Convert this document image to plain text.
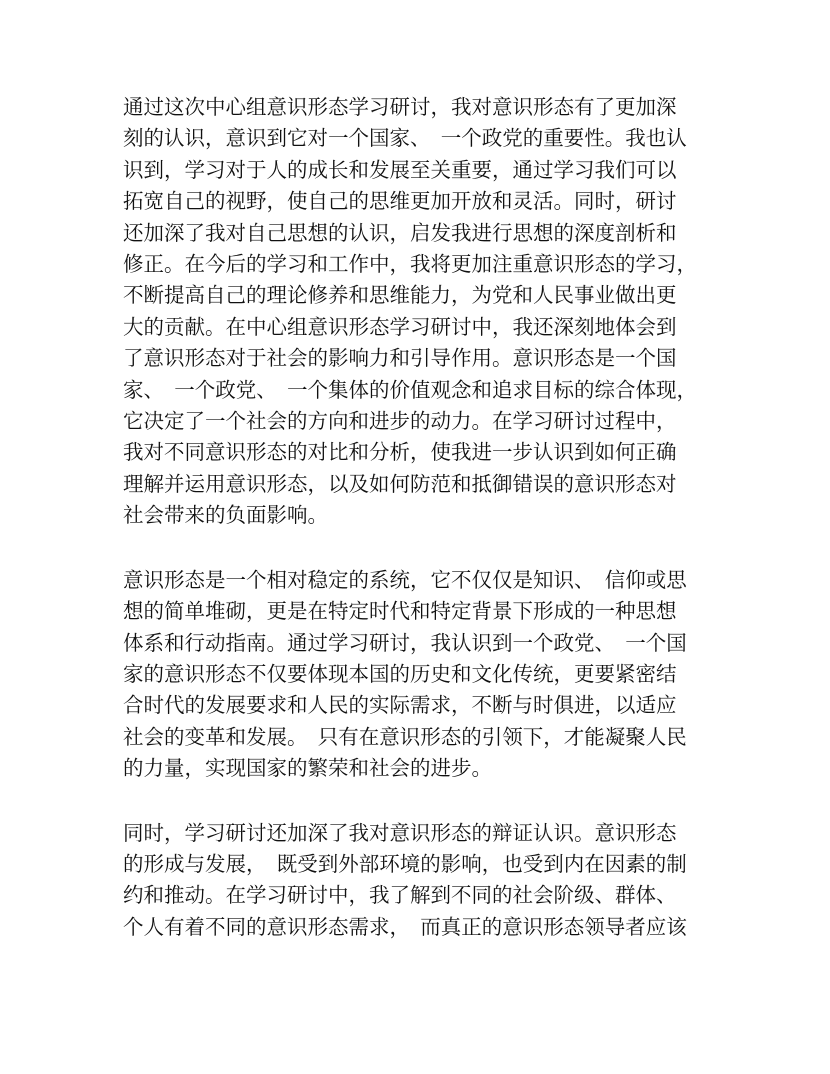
通过这次中心组意识形态学习研讨，我对意识形态有了更加深
刻的认识，意识到它对一个国家、　一个政党的重要性。我也认
识到，学习对于人的成长和发展至关重要，通过学习我们可以
拓宽自己的视野，使自己的思维更加开放和灵活。同时，研讨
还加深了我对自己思想的认识，启发我进行思想的深度剖析和
修正。在今后的学习和工作中，我将更加注重意识形态的学习，
不断提高自己的理论修养和思维能力，为党和人民事业做出更
大的贡献。在中心组意识形态学习研讨中，我还深刻地体会到
了意识形态对于社会的影响力和引导作用。意识形态是一个国
家、　一个政党、　一个集体的价值观念和追求目标的综合体现，
它决定了一个社会的方向和进步的动力。在学习研讨过程中，
我对不同意识形态的对比和分析，使我进一步认识到如何正确
理解并运用意识形态，以及如何防范和抵御错误的意识形态对
社会带来的负面影响。

意识形态是一个相对稳定的系统，它不仅仅是知识、　信仰或思
想的简单堆砌，更是在特定时代和特定背景下形成的一种思想
体系和行动指南。通过学习研讨，我认识到一个政党、　一个国
家的意识形态不仅要体现本国的历史和文化传统，更要紧密结
合时代的发展要求和人民的实际需求，不断与时俱进，以适应
社会的变革和发展。　只有在意识形态的引领下，才能凝聚人民
的力量，实现国家的繁荣和社会的进步。

同时，学习研讨还加深了我对意识形态的辩证认识。意识形态
的形成与发展，　既受到外部环境的影响，也受到内在因素的制
约和推动。在学习研讨中，我了解到不同的社会阶级、群体、
个人有着不同的意识形态需求，　而真正的意识形态领导者应该
